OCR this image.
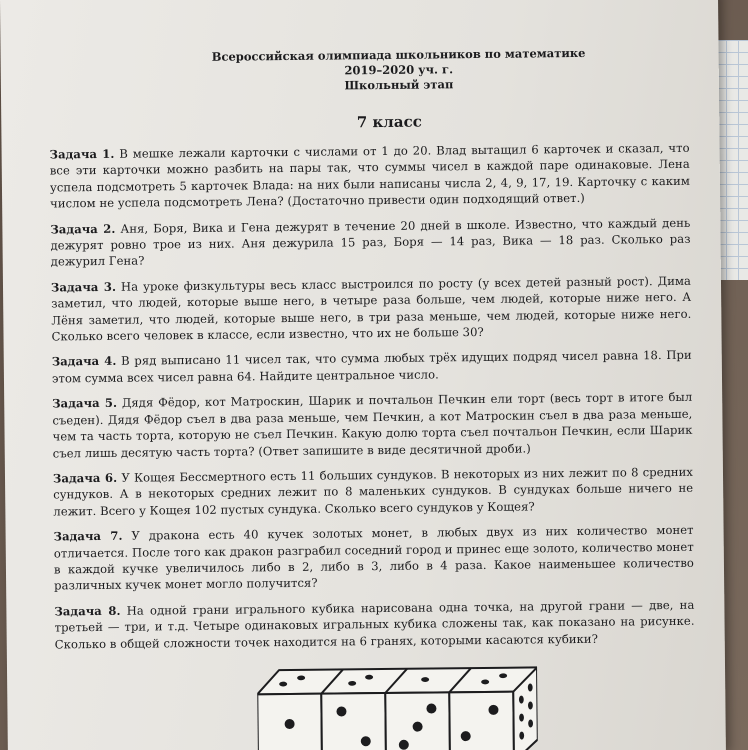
Всероссийская олимпиада школьников по математике
2019–2020 уч. г.
Школьный этап
7 класс
Задача 1. В мешке лежали карточки с числами от 1 до 20. Влад вытащил 6 карточек и сказал, что все эти карточки можно разбить на пары так, что суммы чисел в каждой паре одинаковые. Лена успела подсмотреть 5 карточек Влада: на них были написаны числа 2, 4, 9, 17, 19. Карточку с каким числом не успела подсмотреть Лена? (Достаточно привести один подходящий ответ.)
Задача 2. Аня, Боря, Вика и Гена дежурят в течение 20 дней в школе. Известно, что каждый день дежурят ровно трое из них. Аня дежурила 15 раз, Боря — 14 раз, Вика — 18 раз. Сколько раз дежурил Гена?
Задача 3. На уроке физкультуры весь класс выстроился по росту (у всех детей разный рост). Дима заметил, что людей, которые выше него, в четыре раза больше, чем людей, которые ниже него. А Лёня заметил, что людей, которые выше него, в три раза меньше, чем людей, которые ниже него. Сколько всего человек в классе, если известно, что их не больше 30?
Задача 4. В ряд выписано 11 чисел так, что сумма любых трёх идущих подряд чисел равна 18. При этом сумма всех чисел равна 64. Найдите центральное число.
Задача 5. Дядя Фёдор, кот Матроскин, Шарик и почтальон Печкин ели торт (весь торт в итоге был съеден). Дядя Фёдор съел в два раза меньше, чем Печкин, а кот Матроскин съел в два раза меньше, чем та часть торта, которую не съел Печкин. Какую долю торта съел почтальон Печкин, если Шарик съел лишь десятую часть торта? (Ответ запишите в виде десятичной дроби.)
Задача 6. У Кощея Бессмертного есть 11 больших сундуков. В некоторых из них лежит по 8 средних сундуков. А в некоторых средних лежит по 8 маленьких сундуков. В сундуках больше ничего не лежит. Всего у Кощея 102 пустых сундука. Сколько всего сундуков у Кощея?
Задача 7. У дракона есть 40 кучек золотых монет, в любых двух из них количество монет отличается. После того как дракон разграбил соседний город и принес еще золото, количество монет в каждой кучке увеличилось либо в 2, либо в 3, либо в 4 раза. Какое наименьшее количество различных кучек монет могло получится?
Задача 8. На одной грани игрального кубика нарисована одна точка, на другой грани — две, на третьей — три, и т.д. Четыре одинаковых игральных кубика сложены так, как показано на рисунке. Сколько в общей сложности точек находится на 6 гранях, которыми касаются кубики?
